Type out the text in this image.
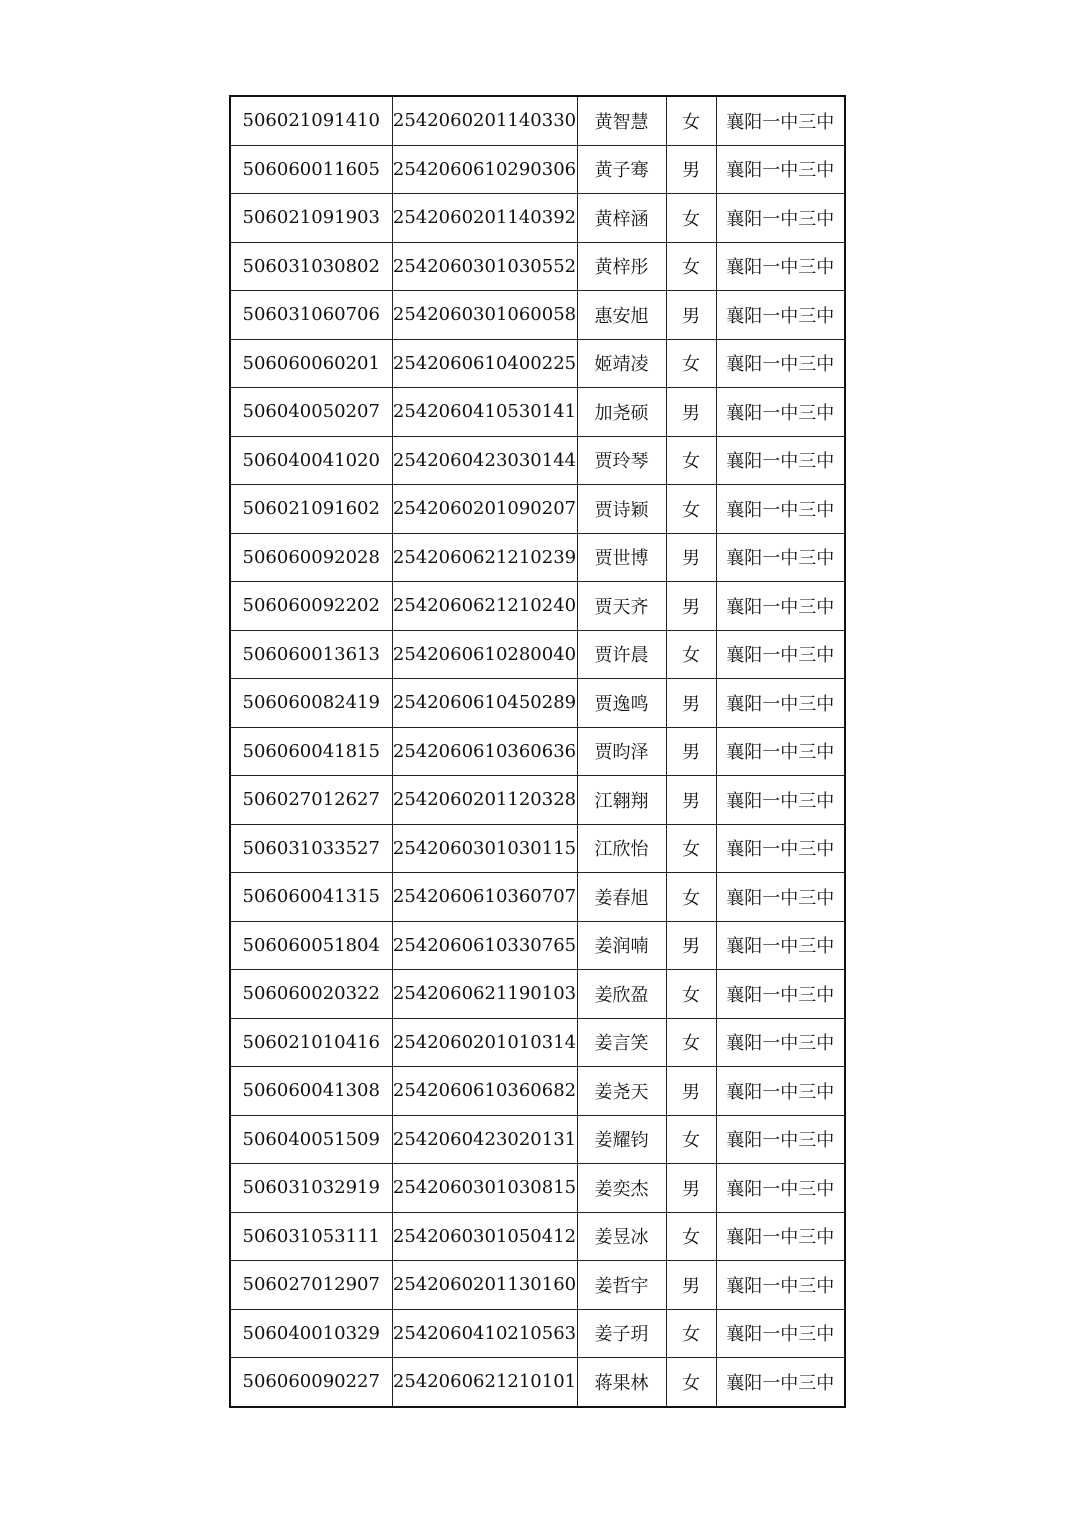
506021091410	2542060201140330	黄智慧	女	襄阳一中三中
506060011605	2542060610290306	黄子骞	男	襄阳一中三中
506021091903	2542060201140392	黄梓涵	女	襄阳一中三中
506031030802	2542060301030552	黄梓彤	女	襄阳一中三中
506031060706	2542060301060058	惠安旭	男	襄阳一中三中
506060060201	2542060610400225	姬靖凌	女	襄阳一中三中
506040050207	2542060410530141	加尧硕	男	襄阳一中三中
506040041020	2542060423030144	贾玲琴	女	襄阳一中三中
506021091602	2542060201090207	贾诗颖	女	襄阳一中三中
506060092028	2542060621210239	贾世博	男	襄阳一中三中
506060092202	2542060621210240	贾天齐	男	襄阳一中三中
506060013613	2542060610280040	贾许晨	女	襄阳一中三中
506060082419	2542060610450289	贾逸鸣	男	襄阳一中三中
506060041815	2542060610360636	贾昀泽	男	襄阳一中三中
506027012627	2542060201120328	江翱翔	男	襄阳一中三中
506031033527	2542060301030115	江欣怡	女	襄阳一中三中
506060041315	2542060610360707	姜春旭	女	襄阳一中三中
506060051804	2542060610330765	姜润喃	男	襄阳一中三中
506060020322	2542060621190103	姜欣盈	女	襄阳一中三中
506021010416	2542060201010314	姜言笑	女	襄阳一中三中
506060041308	2542060610360682	姜尧天	男	襄阳一中三中
506040051509	2542060423020131	姜耀钧	女	襄阳一中三中
506031032919	2542060301030815	姜奕杰	男	襄阳一中三中
506031053111	2542060301050412	姜昱冰	女	襄阳一中三中
506027012907	2542060201130160	姜哲宇	男	襄阳一中三中
506040010329	2542060410210563	姜子玥	女	襄阳一中三中
506060090227	2542060621210101	蒋果林	女	襄阳一中三中
